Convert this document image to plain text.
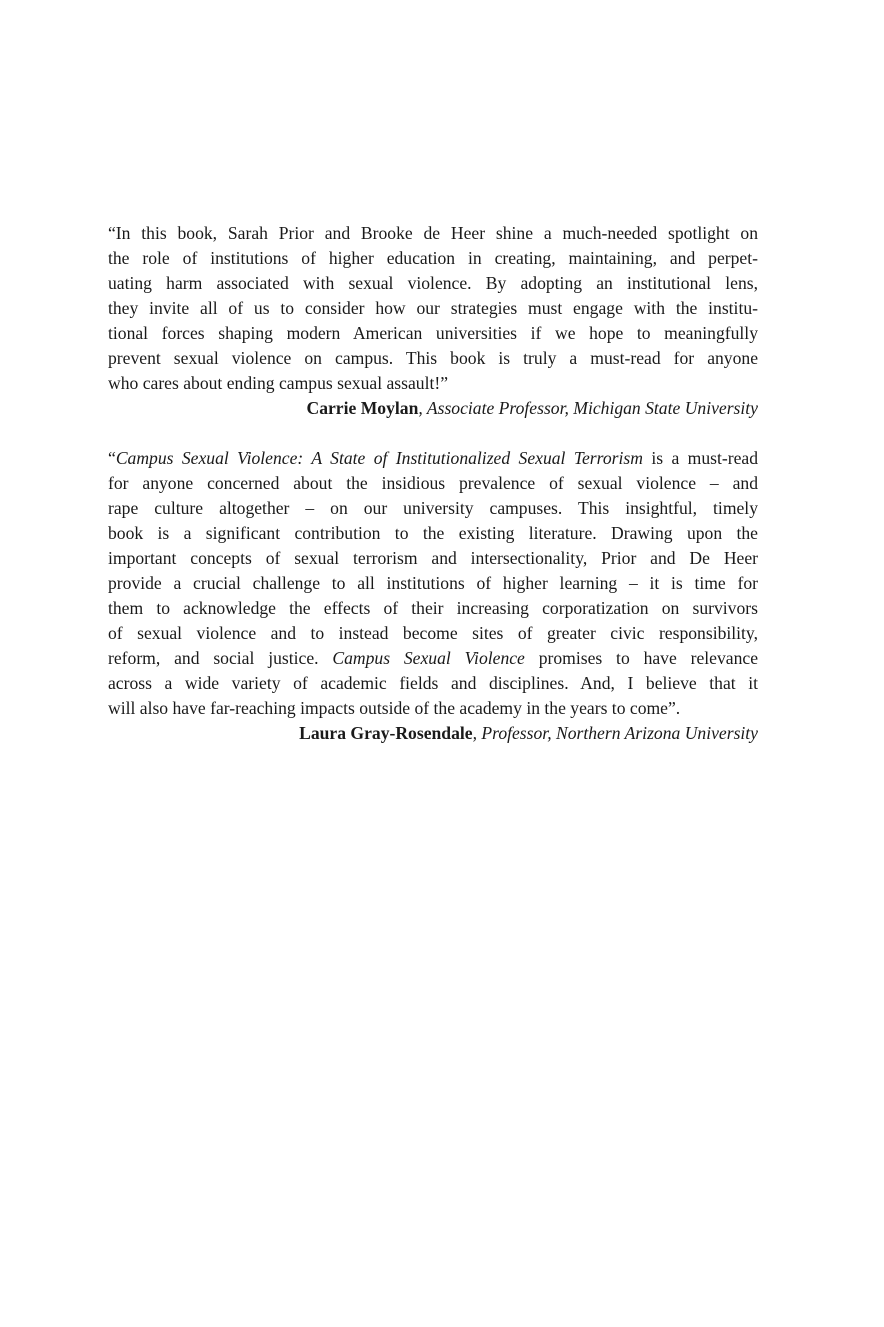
“In this book, Sarah Prior and Brooke de Heer shine a much-needed spotlight on
the role of institutions of higher education in creating, maintaining, and perpet-
uating harm associated with sexual violence. By adopting an institutional lens,
they invite all of us to consider how our strategies must engage with the institu-
tional forces shaping modern American universities if we hope to meaningfully
prevent sexual violence on campus. This book is truly a must-read for anyone
who cares about ending campus sexual assault!”

Carrie Moylan, Associate Professor, Michigan State University

“Campus Sexual Violence: A State of Institutionalized Sexual Terrorism is a must-read
for anyone concerned about the insidious prevalence of sexual violence – and
rape culture altogether – on our university campuses. This insightful, timely
book is a significant contribution to the existing literature. Drawing upon the
important concepts of sexual terrorism and intersectionality, Prior and De Heer
provide a crucial challenge to all institutions of higher learning – it is time for
them to acknowledge the effects of their increasing corporatization on survivors
of sexual violence and to instead become sites of greater civic responsibility,
reform, and social justice. Campus Sexual Violence promises to have relevance
across a wide variety of academic fields and disciplines. And, I believe that it
will also have far-reaching impacts outside of the academy in the years to come”.

Laura Gray-Rosendale, Professor, Northern Arizona University
